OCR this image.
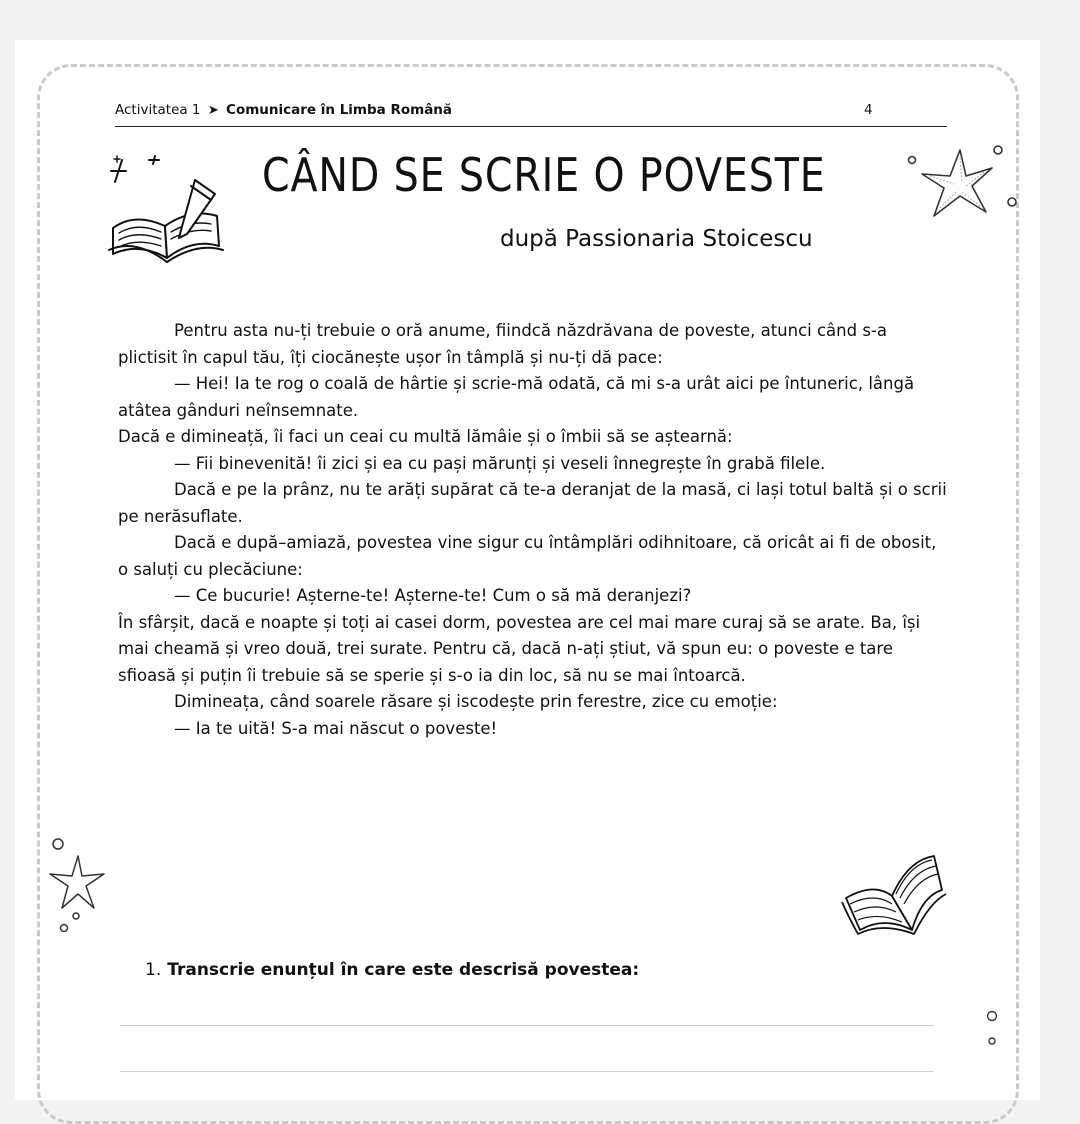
Activitatea 1 ➤ Comunicare în Limba Română	4
CÂND SE SCRIE O POVESTE
după Passionaria Stoicescu

Pentru asta nu-ți trebuie o oră anume, fiindcă năzdrăvana de poveste, atunci când s-a plictisit în capul tău, îți ciocănește ușor în tâmplă și nu-ți dă pace:

— Hei! Ia te rog o coală de hârtie și scrie-mă odată, că mi s-a urât aici pe întuneric, lângă atâtea gânduri neînsemnate.

Dacă e dimineață, îi faci un ceai cu multă lămâie și o îmbii să se aștearnă:

— Fii binevenită! îi zici și ea cu pași mărunți și veseli înnegrește în grabă filele.

Dacă e pe la prânz, nu te arăți supărat că te-a deranjat de la masă, ci lași totul baltă și o scrii pe nerăsuflate.

Dacă e după–amiază, povestea vine sigur cu întâmplări odihnitoare, că oricât ai fi de obosit, o saluți cu plecăciune:

— Ce bucurie! Așterne-te! Așterne-te! Cum o să mă deranjezi?

În sfârșit, dacă e noapte și toți ai casei dorm, povestea are cel mai mare curaj să se arate. Ba, își mai cheamă și vreo două, trei surate. Pentru că, dacă n-ați știut, vă spun eu: o poveste e tare sfioasă și puțin îi trebuie să se sperie și s-o ia din loc, să nu se mai întoarcă.

Dimineața, când soarele răsare și iscodește prin ferestre, zice cu emoție:

— Ia te uită! S-a mai născut o poveste!

1. Transcrie enunțul în care este descrisă povestea:
